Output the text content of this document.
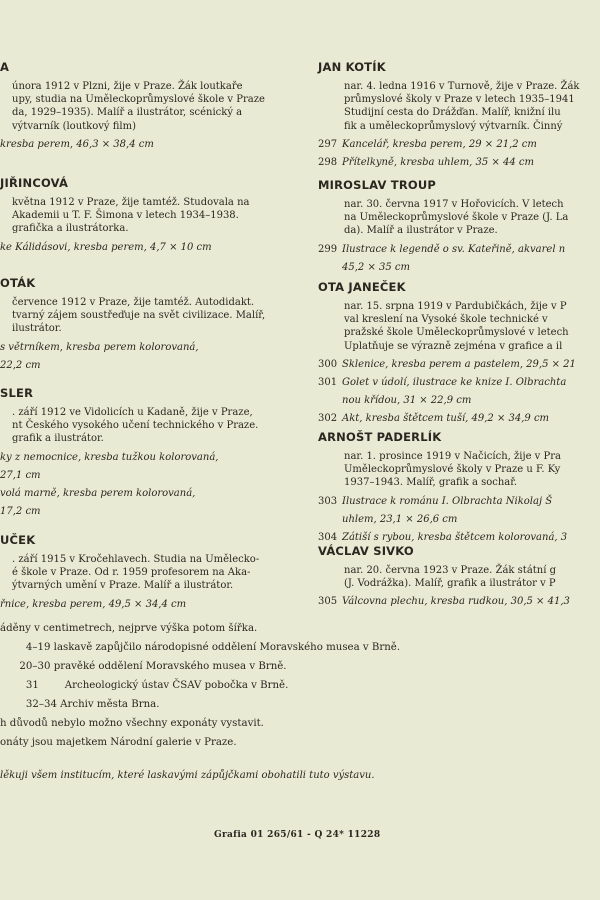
A
února 1912 v Plzni, žije v Praze. Žák loutkaře
upy, studia na Uměleckoprůmyslové škole v Praze
da, 1929–1935). Malíř a ilustrátor, scénický a
výtvarník (loutkový film)
kresba perem, 46,3 × 38,4 cm
JIŘINCOVÁ
května 1912 v Praze, žije tamtéž. Studovala na
Akademii u T. F. Šimona v letech 1934–1938.
grafička a ilustrátorka.
ke Kálidásovi, kresba perem, 4,7 × 10 cm
OTÁK
července 1912 v Praze, žije tamtéž. Autodidakt.
tvarný zájem soustřeďuje na svět civilizace. Malíř,
ilustrátor.
s větrníkem, kresba perem kolorovaná,
22,2 cm
SLER
. září 1912 ve Vidolicích u Kadaně, žije v Praze,
nt Českého vysokého učení technického v Praze.
grafik a ilustrátor.
ky z nemocnice, kresba tužkou kolorovaná,
27,1 cm
volá marně, kresba perem kolorovaná,
17,2 cm
UČEK
. září 1915 v Kročehlavech. Studia na Umělecko-
é škole v Praze. Od r. 1959 profesorem na Aka-
ýtvarných umění v Praze. Malíř a ilustrátor.
řnice, kresba perem, 49,5 × 34,4 cm
JAN KOTÍK
nar. 4. ledna 1916 v Turnově, žije v Praze. Žák
průmyslové školy v Praze v letech 1935–1941
Studijní cesta do Drážďan. Malíř, knižní ilu
fik a uměleckoprůmyslový výtvarník. Činný
297 Kancelář, kresba perem, 29 × 21,2 cm
298 Přítelkyně, kresba uhlem, 35 × 44 cm
MIROSLAV TROUP
nar. 30. června 1917 v Hořovicích. V letech
na Uměleckoprůmyslové škole v Praze (J. La
da). Malíř a ilustrátor v Praze.
299 Ilustrace k legendě o sv. Kateřině, akvarel n
45,2 × 35 cm
OTA JANEČEK
nar. 15. srpna 1919 v Pardubičkách, žije v P
val kreslení na Vysoké škole technické v
pražské škole Uměleckoprůmyslové v letech
Uplatňuje se výrazně zejména v grafice a il
300 Sklenice, kresba perem a pastelem, 29,5 × 21
301 Golet v údolí, ilustrace ke knize I. Olbrachta
nou křídou, 31 × 22,9 cm
302 Akt, kresba štětcem tuší, 49,2 × 34,9 cm
ARNOŠT PADERLÍK
nar. 1. prosince 1919 v Načicích, žije v Pra
Uměleckoprůmyslové školy v Praze u F. Ky
1937–1943. Malíř, grafik a sochař.
303 Ilustrace k románu I. Olbrachta Nikolaj Š
uhlem, 23,1 × 26,6 cm
304 Zátiší s rybou, kresba štětcem kolorovaná, 3
VÁCLAV SIVKO
nar. 20. června 1923 v Praze. Žák státní g
(J. Vodrážka). Malíř, grafik a ilustrátor v P
305 Válcovna plechu, kresba rudkou, 30,5 × 41,3
áděny v centimetrech, nejprve výška potom šířka.
4–19 laskavě zapůjčilo národopisné oddělení Moravského musea v Brně.
20–30 pravěké oddělení Moravského musea v Brně.
31        Archeologický ústav ČSAV pobočka v Brně.
32–34 Archiv města Brna.
h důvodů nebylo možno všechny exponáty vystavit.
onáty jsou majetkem Národní galerie v Praze.
lěkuji všem institucím, které laskavými zápůjčkami obohatili tuto výstavu.
Grafia 01 265/61 - Q 24* 11228
